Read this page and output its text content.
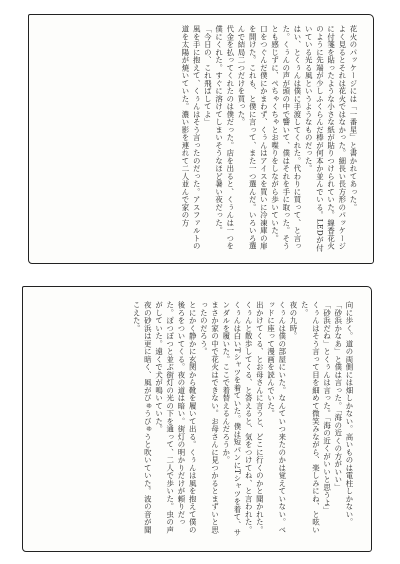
花火のパッケージには「一番星」と書かれてあった。
よく見るとそれは花火ではなかった。細長い長方形のパッケージに付箋を貼ったような小さな紙が貼りつけられていた。線香花火のように先端が少しふくらんだ棒が何本か並んでいる。LEDが付いている光る風というようなものだった。
はい、とくぅんは僕に手渡してくれた。代わりに買って、と言った。くぅんの声が頭の中で響いて、僕はそれを手に取った。そうとも感じずに、ぺちゃくちゃとお喋りをしながら歩いていた。
口をつぐんだ僕にかまわず、くぅんはアイスを買いに冷凍庫の扉を開けた。これも、と僕に言って、また一つ選んだ。いろいろ選んで結局二つだけを買った。
代金を払ってくれたのは僕だった。店を出ると、くぅんは一つを僕にくれた。すぐに溶けてしまいそうなほど暑い夜だった。
「今日の、これ飛ばしてよ」
風を手に抱えて、くぅんはそう言ったのだった。アスファルトの道を太陽が焼いていた。濃い影を連れて二人並んで家の方
向に歩く。道の両側には畑しかない。高いものは電柱しかない。
「砂浜かなあ」と僕は言った。「海の近くの方がいい」
「砂浜だね」とくぅんは言った。「海の近くがいいと思うよ」
くぅんはそう言って目を細めて微笑みながら、楽しみにね、と呟いた。
夜の九時。
くぅんは僕の部屋にいた。なんていつ来たのかは覚えていない。ベッドに座って漫画を読んでいた。
出かけてくる、とお母さんに言うと、どこに行くのかと聞かれた。くぅんと散歩してくる、と答えると、気をつけてね、と言われた。くぅんは白いTシャツを着ていた。僕は短パンにTシャツを着て、サンダルを履いた。ここで着替えるんだろうか。
まさか家の中で花火はできない。お母さんに見つかるとまずいと思ったのだろう。
とにかく静かに玄関から靴を履いて出る。くぅんは風を抱えて僕の後ろをついてくる。夜の道は暗い。街灯の明かりだけが頼りだった。ぽつぽつと並ぶ街灯の光の下を通って、二人で歩いた。虫の声がしていた。遠くで犬が鳴いていた。
夜の砂浜は更に暗く、風がびゅうびゅうと吹いていた。波の音が聞こえた。
